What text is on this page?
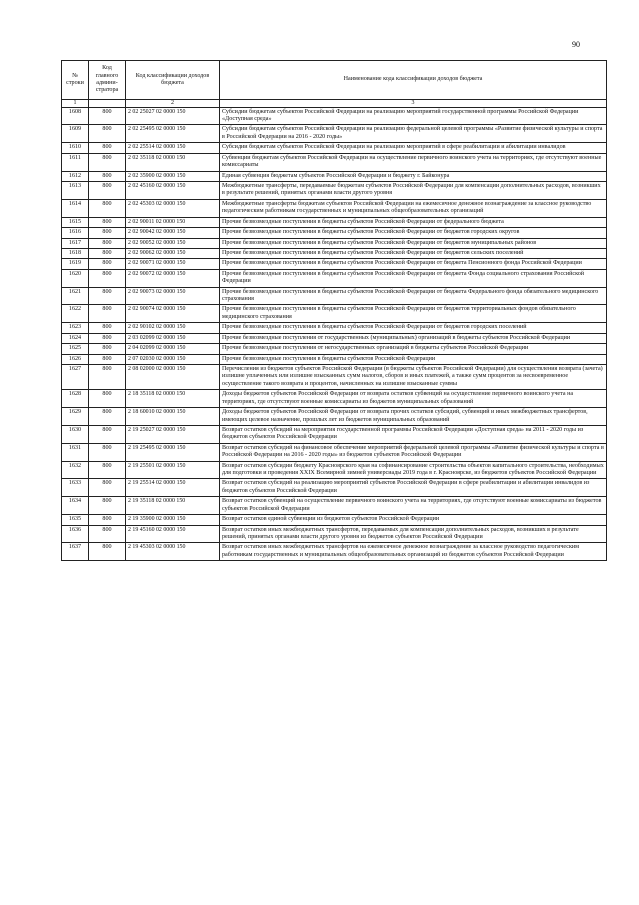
90
№ строки	Код главного админи-стратора	Код классификации доходов бюджета	Наименование кода классификации доходов бюджета
1		2	3
1608	800	2 02 25027 02 0000 150	Субсидии бюджетам субъектов Российской Федерации на реализацию мероприятий государственной программы Российской Федерации «Доступная среда»
1609	800	2 02 25495 02 0000 150	Субсидии бюджетам субъектов Российской Федерации на реализацию федеральной целевой программы «Развитие физической культуры и спорта в Российской Федерации на 2016 - 2020 годы»
1610	800	2 02 25514 02 0000 150	Субсидии бюджетам субъектов Российской Федерации на реализацию мероприятий в сфере реабилитации и абилитации инвалидов
1611	800	2 02 35118 02 0000 150	Субвенции бюджетам субъектов Российской Федерации на осуществление первичного воинского учета на территориях, где отсутствуют военные комиссариаты
1612	800	2 02 35900 02 0000 150	Единая субвенция бюджетам субъектов Российской Федерации и бюджету г. Байконура
1613	800	2 02 45160 02 0000 150	Межбюджетные трансферты, передаваемые бюджетам субъектов Российской Федерации для компенсации дополнительных расходов, возникших в результате решений, принятых органами власти другого уровня
1614	800	2 02 45303 02 0000 150	Межбюджетные трансферты бюджетам субъектов Российской Федерации на ежемесячное денежное вознаграждение за классное руководство педагогическим работникам государственных и муниципальных общеобразовательных организаций
1615	800	2 02 90011 02 0000 150	Прочие безвозмездные поступления в бюджеты субъектов Российской Федерации от федерального бюджета
1616	800	2 02 90042 02 0000 150	Прочие безвозмездные поступления в бюджеты субъектов Российской Федерации от бюджетов городских округов
1617	800	2 02 90052 02 0000 150	Прочие безвозмездные поступления в бюджеты субъектов Российской Федерации от бюджетов муниципальных районов
1618	800	2 02 90062 02 0000 150	Прочие безвозмездные поступления в бюджеты субъектов Российской Федерации от бюджетов сельских поселений
1619	800	2 02 90071 02 0000 150	Прочие безвозмездные поступления в бюджеты субъектов Российской Федерации от бюджета Пенсионного фонда Российской Федерации
1620	800	2 02 90072 02 0000 150	Прочие безвозмездные поступления в бюджеты субъектов Российской Федерации от бюджета Фонда социального страхования Российской Федерации
1621	800	2 02 90073 02 0000 150	Прочие безвозмездные поступления в бюджеты субъектов Российской Федерации от бюджета Федерального фонда обязательного медицинского страхования
1622	800	2 02 90074 02 0000 150	Прочие безвозмездные поступления в бюджеты субъектов Российской Федерации от бюджетов территориальных фондов обязательного медицинского страхования
1623	800	2 02 90102 02 0000 150	Прочие безвозмездные поступления в бюджеты субъектов Российской Федерации от бюджетов городских поселений
1624	800	2 03 02099 02 0000 150	Прочие безвозмездные поступления от государственных (муниципальных) организаций в бюджеты субъектов Российской Федерации
1625	800	2 04 02099 02 0000 150	Прочие безвозмездные поступления от негосударственных организаций в бюджеты субъектов Российской Федерации
1626	800	2 07 02030 02 0000 150	Прочие безвозмездные поступления в бюджеты субъектов Российской Федерации
1627	800	2 08 02000 02 0000 150	Перечисления из бюджетов субъектов Российской Федерации (в бюджеты субъектов Российской Федерации) для осуществления возврата (зачета) излишне уплаченных или излишне взысканных сумм налогов, сборов и иных платежей, а также сумм процентов за несвоевременное осуществление такого возврата и процентов, начисленных на излишне взысканные суммы
1628	800	2 18 35118 02 0000 150	Доходы бюджетов субъектов Российской Федерации от возврата остатков субвенций на осуществление первичного воинского учета на территориях, где отсутствуют военные комиссариаты из бюджетов муниципальных образований
1629	800	2 18 60010 02 0000 150	Доходы бюджетов субъектов Российской Федерации от возврата прочих остатков субсидий, субвенций и иных межбюджетных трансфертов, имеющих целевое назначение, прошлых лет из бюджетов муниципальных образований
1630	800	2 19 25027 02 0000 150	Возврат остатков субсидий на мероприятия государственной программы Российской Федерации «Доступная среда» на 2011 - 2020 годы из бюджетов субъектов Российской Федерации
1631	800	2 19 25495 02 0000 150	Возврат остатков субсидий на финансовое обеспечение мероприятий федеральной целевой программы «Развитие физической культуры и спорта в Российской Федерации на 2016 - 2020 годы» из бюджетов субъектов Российской Федерации
1632	800	2 19 25501 02 0000 150	Возврат остатков субсидии бюджету Красноярского края на софинансирование строительства объектов капитального строительства, необходимых для подготовки и проведения XXIX Всемирной зимней универсиады 2019 года в г. Красноярске, из бюджетов субъектов Российской Федерации
1633	800	2 19 25514 02 0000 150	Возврат остатков субсидий на реализацию мероприятий субъектов Российской Федерации в сфере реабилитации и абилитации инвалидов из бюджетов субъектов Российской Федерации
1634	800	2 19 35118 02 0000 150	Возврат остатков субвенций на осуществление первичного воинского учета на территориях, где отсутствуют военные комиссариаты из бюджетов субъектов Российской Федерации
1635	800	2 19 35900 02 0000 150	Возврат остатков единой субвенции из бюджетов субъектов Российской Федерации
1636	800	2 19 45160 02 0000 150	Возврат остатков иных межбюджетных трансфертов, передаваемых для компенсации дополнительных расходов, возникших в результате решений, принятых органами власти другого уровня из бюджетов субъектов Российской Федерации
1637	800	2 19 45303 02 0000 150	Возврат остатков иных межбюджетных трансфертов на ежемесячное денежное вознаграждение за классное руководство педагогическим работникам государственных и муниципальных общеобразовательных организаций из бюджетов субъектов Российской Федерации
